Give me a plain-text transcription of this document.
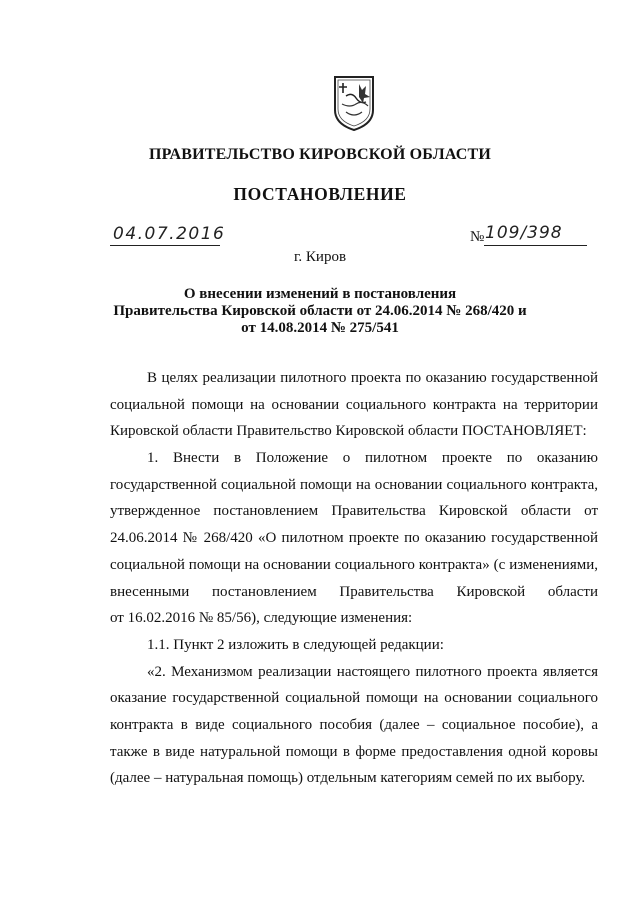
ПРАВИТЕЛЬСТВО КИРОВСКОЙ ОБЛАСТИ
ПОСТАНОВЛЕНИЕ
04.07.2016	№ 109/398
г. Киров
О внесении изменений в постановления
Правительства Кировской области от 24.06.2014 № 268/420 и
от 14.08.2014 № 275/541
В целях реализации пилотного проекта по оказанию государственной
социальной помощи на основании социального контракта на территории
Кировской области Правительство Кировской области ПОСТАНОВЛЯЕТ:
1. Внести в Положение о пилотном проекте по оказанию
государственной социальной помощи на основании социального контракта,
утвержденное постановлением Правительства Кировской области от
24.06.2014 № 268/420 «О пилотном проекте по оказанию государственной
социальной помощи на основании социального контракта» (с изменениями,
внесенными постановлением Правительства Кировской области
от 16.02.2016 № 85/56), следующие изменения:
1.1. Пункт 2 изложить в следующей редакции:
«2. Механизмом реализации настоящего пилотного проекта является
оказание государственной социальной помощи на основании социального
контракта в виде социального пособия (далее – социальное пособие), а
также в виде натуральной помощи в форме предоставления одной коровы
(далее – натуральная помощь) отдельным категориям семей по их выбору.
